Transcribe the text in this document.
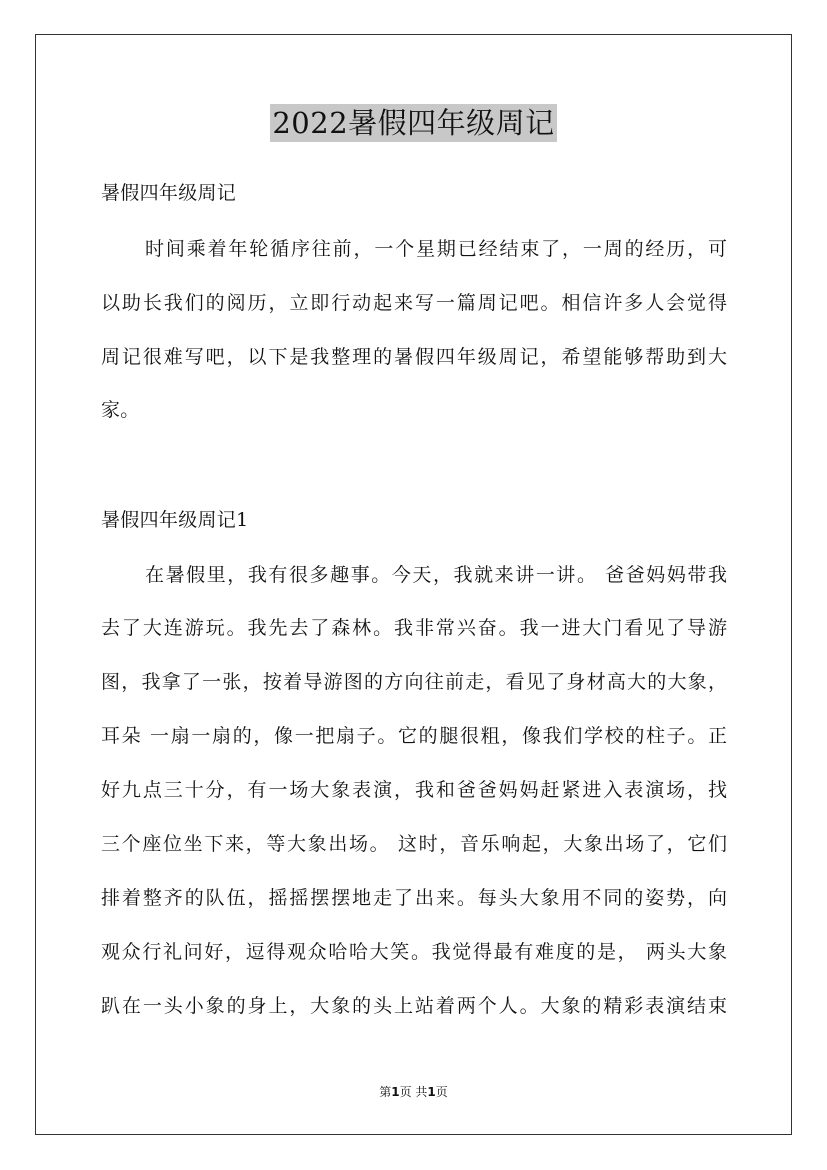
2022暑假四年级周记
暑假四年级周记
时间乘着年轮循序往前，一个星期已经结束了，一周的经历，可
以助长我们的阅历，立即行动起来写一篇周记吧。相信许多人会觉得
周记很难写吧，以下是我整理的暑假四年级周记，希望能够帮助到大
家。
暑假四年级周记1
在暑假里，我有很多趣事。今天，我就来讲一讲。 爸爸妈妈带我
去了大连游玩。我先去了森林。我非常兴奋。我一进大门看见了导游
图，我拿了一张，按着导游图的方向往前走，看见了身材高大的大象，
耳朵 一扇一扇的，像一把扇子。它的腿很粗，像我们学校的柱子。正
好九点三十分，有一场大象表演，我和爸爸妈妈赶紧进入表演场，找
三个座位坐下来，等大象出场。 这时，音乐响起，大象出场了，它们
排着整齐的队伍，摇摇摆摆地走了出来。每头大象用不同的姿势，向
观众行礼问好，逗得观众哈哈大笑。我觉得最有难度的是， 两头大象
趴在一头小象的身上，大象的头上站着两个人。大象的精彩表演结束
第1页 共1页
